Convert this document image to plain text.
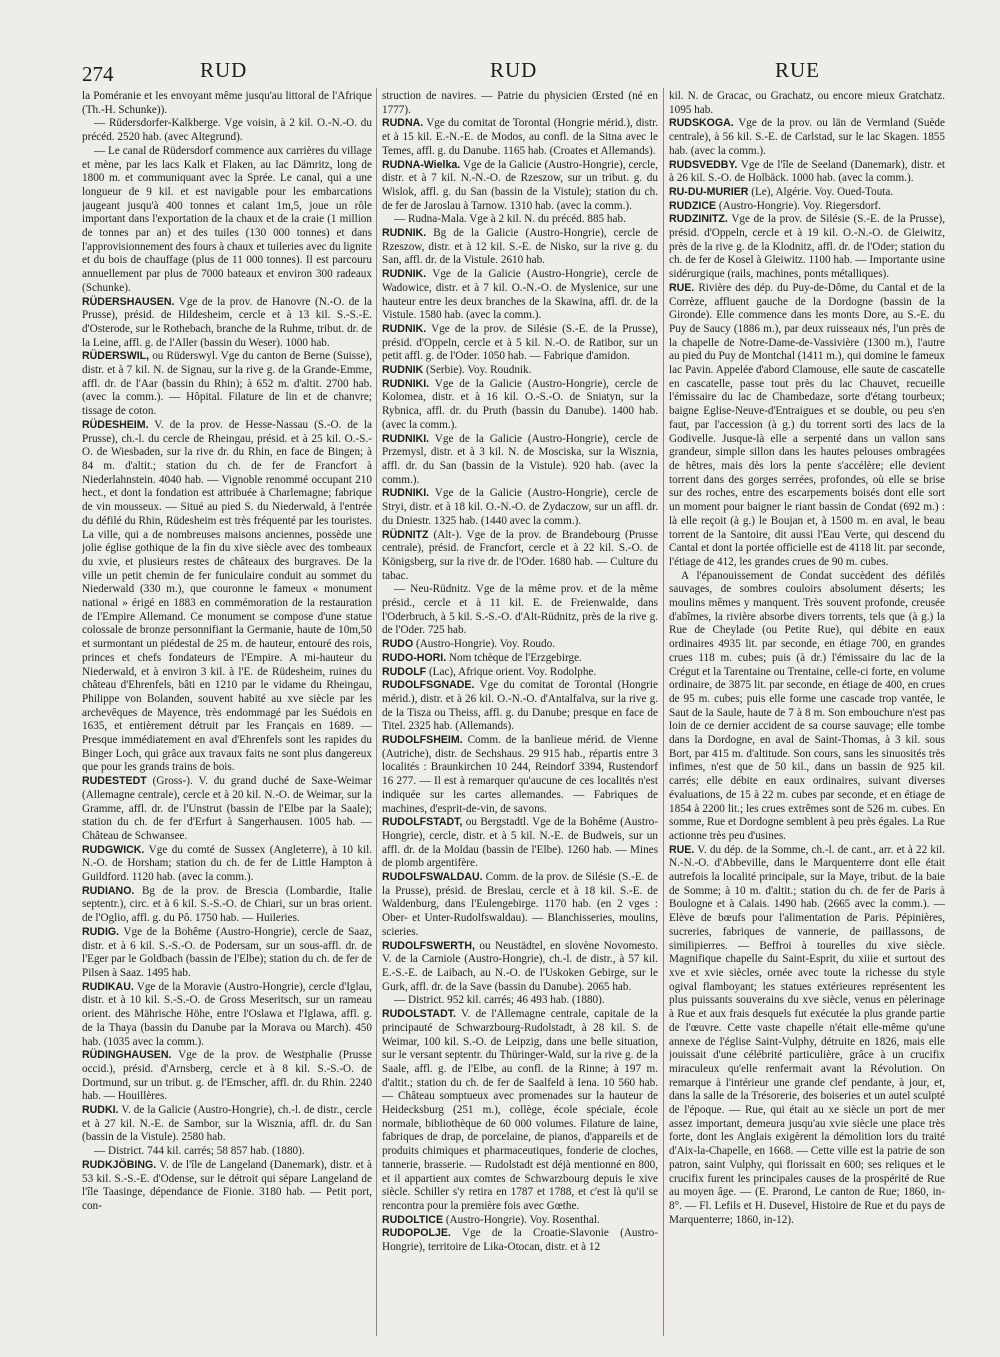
274	RUD	RUD	RUE

la Poméranie et les envoyant même jusqu'au littoral de l'Afrique (Th.-H. Schunke)).

— Rüdersdorfer-Kalkberge. Vge voisin, à 2 kil. O.-N.-O. du précéd. 2520 hab. (avec Altegrund).

— Le canal de Rüdersdorf commence aux carrières du village et mène, par les lacs Kalk et Flaken, au lac Dämritz, long de 1800 m. et communiquant avec la Sprée. Le canal, qui a une longueur de 9 kil. et est navigable pour les embarcations jaugeant jusqu'à 400 tonnes et calant 1m,5, joue un rôle important dans l'exportation de la chaux et de la craie (1 million de tonnes par an) et des tuiles (130 000 tonnes) et dans l'approvisionnement des fours à chaux et tuileries avec du lignite et du bois de chauffage (plus de 11 000 tonnes). Il est parcouru annuellement par plus de 7000 bateaux et environ 300 radeaux (Schunke).

RÜDERSHAUSEN. Vge de la prov. de Hanovre (N.-O. de la Prusse), présid. de Hildesheim, cercle et à 13 kil. S.-S.-E. d'Osterode, sur le Rothebach, branche de la Ruhme, tribut. dr. de la Leine, affl. g. de l'Aller (bassin du Weser). 1000 hab.

RÜDERSWIL, ou Rüderswyl. Vge du canton de Berne (Suisse), distr. et à 7 kil. N. de Signau, sur la rive g. de la Grande-Emme, affl. dr. de l'Aar (bassin du Rhin); à 652 m. d'altit. 2700 hab. (avec la comm.). — Hôpital. Filature de lin et de chanvre; tissage de coton.

RÜDESHEIM. V. de la prov. de Hesse-Nassau (S.-O. de la Prusse), ch.-l. du cercle de Rheingau, présid. et à 25 kil. O.-S.-O. de Wiesbaden, sur la rive dr. du Rhin, en face de Bingen; à 84 m. d'altit.; station du ch. de fer de Francfort à Niederlahnstein. 4040 hab. — Vignoble renommé occupant 210 hect., et dont la fondation est attribuée à Charlemagne; fabrique de vin mousseux. — Situé au pied S. du Niederwald, à l'entrée du défilé du Rhin, Rüdesheim est très fréquenté par les touristes. La ville, qui a de nombreuses maisons anciennes, possède une jolie église gothique de la fin du xive siècle avec des tombeaux du xvie, et plusieurs restes de châteaux des burgraves. De la ville un petit chemin de fer funiculaire conduit au sommet du Niederwald (330 m.), que couronne le fameux « monument national » érigé en 1883 en commémoration de la restauration de l'Empire Allemand. Ce monument se compose d'une statue colossale de bronze personnifiant la Germanie, haute de 10m,50 et surmontant un piédestal de 25 m. de hauteur, entouré des rois, princes et chefs fondateurs de l'Empire. A mi-hauteur du Niederwald, et à environ 3 kil. à l'E. de Rüdesheim, ruines du château d'Ehrenfels, bâti en 1210 par le vidame du Rheingau, Philippe von Bolanden, souvent habité au xve siècle par les archevêques de Mayence, très endommagé par les Suédois en 1635, et entièrement détruit par les Français en 1689. — Presque immédiatement en aval d'Ehrenfels sont les rapides du Binger Loch, qui grâce aux travaux faits ne sont plus dangereux que pour les grands trains de bois.

RUDESTEDT (Gross-). V. du grand duché de Saxe-Weimar (Allemagne centrale), cercle et à 20 kil. N.-O. de Weimar, sur la Gramme, affl. dr. de l'Unstrut (bassin de l'Elbe par la Saale); station du ch. de fer d'Erfurt à Sangerhausen. 1005 hab. — Château de Schwansee.

RUDGWICK. Vge du comté de Sussex (Angleterre), à 10 kil. N.-O. de Horsham; station du ch. de fer de Little Hampton à Guildford. 1120 hab. (avec la comm.).

RUDIANO. Bg de la prov. de Brescia (Lombardie, Italie septentr.), circ. et à 6 kil. S.-S.-O. de Chiari, sur un bras orient. de l'Oglio, affl. g. du Pô. 1750 hab. — Huileries.

RUDIG. Vge de la Bohême (Austro-Hongrie), cercle de Saaz, distr. et à 6 kil. S.-S.-O. de Podersam, sur un sous-affl. dr. de l'Eger par le Goldbach (bassin de l'Elbe); station du ch. de fer de Pilsen à Saaz. 1495 hab.

RUDIKAU. Vge de la Moravie (Austro-Hongrie), cercle d'Iglau, distr. et à 10 kil. S.-S.-O. de Gross Meseritsch, sur un rameau orient. des Mährische Höhe, entre l'Oslawa et l'Iglawa, affl. g. de la Thaya (bassin du Danube par la Morava ou March). 450 hab. (1035 avec la comm.).

RÜDINGHAUSEN. Vge de la prov. de Westphalie (Prusse occid.), présid. d'Arnsberg, cercle et à 8 kil. S.-S.-O. de Dortmund, sur un tribut. g. de l'Emscher, affl. dr. du Rhin. 2240 hab. — Houillères.

RUDKI. V. de la Galicie (Austro-Hongrie), ch.-l. de distr., cercle et à 27 kil. N.-E. de Sambor, sur la Wisznia, affl. dr. du San (bassin de la Vistule). 2580 hab.

— District. 744 kil. carrés; 58 857 hab. (1880).

RUDKJÖBING. V. de l'île de Langeland (Danemark), distr. et à 53 kil. S.-S.-E. d'Odense, sur le détroit qui sépare Langeland de l'île Taasinge, dépendance de Fionie. 3180 hab. — Petit port, con-

struction de navires. — Patrie du physicien Œrsted (né en 1777).

RUDNA. Vge du comitat de Torontal (Hongrie mérid.), distr. et à 15 kil. E.-N.-E. de Modos, au confl. de la Sitna avec le Temes, affl. g. du Danube. 1165 hab. (Croates et Allemands).

RUDNA-Wielka. Vge de la Galicie (Austro-Hongrie), cercle, distr. et à 7 kil. N.-N.-O. de Rzeszow, sur un tribut. g. du Wislok, affl. g. du San (bassin de la Vistule); station du ch. de fer de Jaroslau à Tarnow. 1310 hab. (avec la comm.).

— Rudna-Mala. Vge à 2 kil. N. du précéd. 885 hab.

RUDNIK. Bg de la Galicie (Austro-Hongrie), cercle de Rzeszow, distr. et à 12 kil. S.-E. de Nisko, sur la rive g. du San, affl. dr. de la Vistule. 2610 hab.

RUDNIK. Vge de la Galicie (Austro-Hongrie), cercle de Wadowice, distr. et à 7 kil. O.-N.-O. de Myslenice, sur une hauteur entre les deux branches de la Skawina, affl. dr. de la Vistule. 1580 hab. (avec la comm.).

RUDNIK. Vge de la prov. de Silésie (S.-E. de la Prusse), présid. d'Oppeln, cercle et à 5 kil. N.-O. de Ratibor, sur un petit affl. g. de l'Oder. 1050 hab. — Fabrique d'amidon.

RUDNIK (Serbie). Voy. Roudnik.

RUDNIKI. Vge de la Galicie (Austro-Hongrie), cercle de Kolomea, distr. et à 16 kil. O.-S.-O. de Sniatyn, sur la Rybnica, affl. dr. du Pruth (bassin du Danube). 1400 hab. (avec la comm.).

RUDNIKI. Vge de la Galicie (Austro-Hongrie), cercle de Przemysl, distr. et à 3 kil. N. de Mosciska, sur la Wisznia, affl. dr. du San (bassin de la Vistule). 920 hab. (avec la comm.).

RUDNIKI. Vge de la Galicie (Austro-Hongrie), cercle de Stryi, distr. et à 18 kil. O.-N.-O. de Zydaczow, sur un affl. dr. du Dniestr. 1325 hab. (1440 avec la comm.).

RÜDNITZ (Alt-). Vge de la prov. de Brandebourg (Prusse centrale), présid. de Francfort, cercle et à 22 kil. S.-O. de Königsberg, sur la rive dr. de l'Oder. 1680 hab. — Culture du tabac.

— Neu-Rüdnitz. Vge de la même prov. et de la même présid., cercle et à 11 kil. E. de Freienwalde, dans l'Oderbruch, à 5 kil. S.-S.-O. d'Alt-Rüdnitz, près de la rive g. de l'Oder. 725 hab.

RUDO (Austro-Hongrie). Voy. Roudo.

RUDO-HORI. Nom tchèque de l'Erzgebirge.

RUDOLF (Lac), Afrique orient. Voy. Rodolphe.

RUDOLFSGNADE. Vge du comitat de Torontal (Hongrie mérid.), distr. et à 26 kil. O.-N.-O. d'Antalfalva, sur la rive g. de la Tisza ou Theiss, affl. g. du Danube; presque en face de Titel. 2325 hab. (Allemands).

RUDOLFSHEIM. Comm. de la banlieue mérid. de Vienne (Autriche), distr. de Sechshaus. 29 915 hab., répartis entre 3 localités : Braunkirchen 10 244, Reindorf 3394, Rustendorf 16 277. — Il est à remarquer qu'aucune de ces localités n'est indiquée sur les cartes allemandes. — Fabriques de machines, d'esprit-de-vin, de savons.

RUDOLFSTADT, ou Bergstadtl. Vge de la Bohême (Austro-Hongrie), cercle, distr. et à 5 kil. N.-E. de Budweis, sur un affl. dr. de la Moldau (bassin de l'Elbe). 1260 hab. — Mines de plomb argentifère.

RUDOLFSWALDAU. Comm. de la prov. de Silésie (S.-E. de la Prusse), présid. de Breslau, cercle et à 18 kil. S.-E. de Waldenburg, dans l'Eulengebirge. 1170 hab. (en 2 vges : Ober- et Unter-Rudolfswaldau). — Blanchisseries, moulins, scieries.

RUDOLFSWERTH, ou Neustädtel, en slovène Novomesto. V. de la Carniole (Austro-Hongrie), ch.-l. de distr., à 57 kil. E.-S.-E. de Laibach, au N.-O. de l'Uskoken Gebirge, sur le Gurk, affl. dr. de la Save (bassin du Danube). 2065 hab.

— District. 952 kil. carrés; 46 493 hab. (1880).

RUDOLSTADT. V. de l'Allemagne centrale, capitale de la principauté de Schwarzbourg-Rudolstadt, à 28 kil. S. de Weimar, 100 kil. S.-O. de Leipzig, dans une belle situation, sur le versant septentr. du Thüringer-Wald, sur la rive g. de la Saale, affl. g. de l'Elbe, au confl. de la Rinne; à 197 m. d'altit.; station du ch. de fer de Saalfeld à Iena. 10 560 hab. — Château somptueux avec promenades sur la hauteur de Heidecksburg (251 m.), collège, école spéciale, école normale, bibliothèque de 60 000 volumes. Filature de laine, fabriques de drap, de porcelaine, de pianos, d'appareils et de produits chimiques et pharmaceutiques, fonderie de cloches, tannerie, brasserie. — Rudolstadt est déjà mentionné en 800, et il appartient aux comtes de Schwarzbourg depuis le xive siècle. Schiller s'y retira en 1787 et 1788, et c'est là qu'il se rencontra pour la première fois avec Gœthe.

RUDOLTICE (Austro-Hongrie). Voy. Rosenthal.

RUDOPOLJE. Vge de la Croatie-Slavonie (Austro-Hongrie), territoire de Lika-Otocan, distr. et à 12

kil. N. de Gracac, ou Grachatz, ou encore mieux Gratchatz. 1095 hab.

RUDSKOGA. Vge de la prov. ou län de Vermland (Suède centrale), à 56 kil. S.-E. de Carlstad, sur le lac Skagen. 1855 hab. (avec la comm.).

RUDSVEDBY. Vge de l'île de Seeland (Danemark), distr. et à 26 kil. S.-O. de Holbäck. 1000 hab. (avec la comm.).

RU-DU-MURIER (Le), Algérie. Voy. Oued-Touta.

RUDZICE (Austro-Hongrie). Voy. Riegersdorf.

RUDZINITZ. Vge de la prov. de Silésie (S.-E. de la Prusse), présid. d'Oppeln, cercle et à 19 kil. O.-N.-O. de Gleiwitz, près de la rive g. de la Klodnitz, affl. dr. de l'Oder; station du ch. de fer de Kosel à Gleiwitz. 1100 hab. — Importante usine sidérurgique (rails, machines, ponts métalliques).

RUE. Rivière des dép. du Puy-de-Dôme, du Cantal et de la Corrèze, affluent gauche de la Dordogne (bassin de la Gironde). Elle commence dans les monts Dore, au S.-E. du Puy de Saucy (1886 m.), par deux ruisseaux nés, l'un près de la chapelle de Notre-Dame-de-Vassivière (1300 m.), l'autre au pied du Puy de Montchal (1411 m.), qui domine le fameux lac Pavin. Appelée d'abord Clamouse, elle saute de cascatelle en cascatelle, passe tout près du lac Chauvet, recueille l'émissaire du lac de Chambedaze, sorte d'étang tourbeux; baigne Eglise-Neuve-d'Entraigues et se double, ou peu s'en faut, par l'accession (à g.) du torrent sorti des lacs de la Godivelle. Jusque-là elle a serpenté dans un vallon sans grandeur, simple sillon dans les hautes pelouses ombragées de hêtres, mais dès lors la pente s'accélère; elle devient torrent dans des gorges serrées, profondes, où elle se brise sur des roches, entre des escarpements boisés dont elle sort un moment pour baigner le riant bassin de Condat (692 m.) : là elle reçoit (à g.) le Boujan et, à 1500 m. en aval, le beau torrent de la Santoire, dit aussi l'Eau Verte, qui descend du Cantal et dont la portée officielle est de 4118 lit. par seconde, l'étiage de 412, les grandes crues de 90 m. cubes.

A l'épanouissement de Condat succèdent des défilés sauvages, de sombres couloirs absolument déserts; les moulins mêmes y manquent. Très souvent profonde, creusée d'abîmes, la rivière absorbe divers torrents, tels que (à g.) la Rue de Cheylade (ou Petite Rue), qui débite en eaux ordinaires 4935 lit. par seconde, en étiage 700, en grandes crues 118 m. cubes; puis (à dr.) l'émissaire du lac de la Crégut et la Tarentaine ou Trentaine, celle-ci forte, en volume ordinaire, de 3875 lit. par seconde, en étiage de 400, en crues de 95 m. cubes; puis elle forme une cascade trop vantée, le Saut de la Saule, haute de 7 à 8 m. Son embouchure n'est pas loin de ce dernier accident de sa course sauvage; elle tombe dans la Dordogne, en aval de Saint-Thomas, à 3 kil. sous Bort, par 415 m. d'altitude. Son cours, sans les sinuosités très infimes, n'est que de 50 kil., dans un bassin de 925 kil. carrés; elle débite en eaux ordinaires, suivant diverses évaluations, de 15 à 22 m. cubes par seconde, et en étiage de 1854 à 2200 lit.; les crues extrêmes sont de 526 m. cubes. En somme, Rue et Dordogne semblent à peu près égales. La Rue actionne très peu d'usines.

RUE. V. du dép. de la Somme, ch.-l. de cant., arr. et à 22 kil. N.-N.-O. d'Abbeville, dans le Marquenterre dont elle était autrefois la localité principale, sur la Maye, tribut. de la baie de Somme; à 10 m. d'altit.; station du ch. de fer de Paris à Boulogne et à Calais. 1490 hab. (2665 avec la comm.). — Elève de bœufs pour l'alimentation de Paris. Pépinières, sucreries, fabriques de vannerie, de paillassons, de similipierres. — Beffroi à tourelles du xive siècle. Magnifique chapelle du Saint-Esprit, du xiiie et surtout des xve et xvie siècles, ornée avec toute la richesse du style ogival flamboyant; les statues extérieures représentent les plus puissants souverains du xve siècle, venus en pèlerinage à Rue et aux frais desquels fut exécutée la plus grande partie de l'œuvre. Cette vaste chapelle n'était elle-même qu'une annexe de l'église Saint-Vulphy, détruite en 1826, mais elle jouissait d'une célébrité particulière, grâce à un crucifix miraculeux qu'elle renfermait avant la Révolution. On remarque à l'intérieur une grande clef pendante, à jour, et, dans la salle de la Trésorerie, des boiseries et un autel sculpté de l'époque. — Rue, qui était au xe siècle un port de mer assez important, demeura jusqu'au xvie siècle une place très forte, dont les Anglais exigèrent la démolition lors du traité d'Aix-la-Chapelle, en 1668. — Cette ville est la patrie de son patron, saint Vulphy, qui florissait en 600; ses reliques et le crucifix furent les principales causes de la prospérité de Rue au moyen âge. — (E. Prarond, Le canton de Rue; 1860, in-8°. — Fl. Lefils et H. Dusevel, Histoire de Rue et du pays de Marquenterre; 1860, in-12).
